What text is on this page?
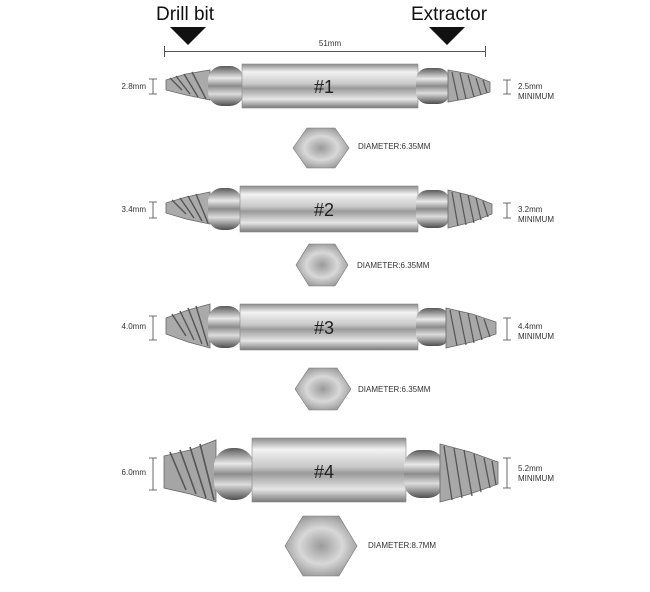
Drill bit	Extractor
51mm
#1
#2
#3
#4
2.8mm
3.4mm
4.0mm
6.0mm
2.5mm
MINIMUM
3.2mm
MINIMUM
4.4mm
MINIMUM
5.2mm
MINIMUM
DIAMETER:6.35MM
DIAMETER:6.35MM
DIAMETER:6.35MM
DIAMETER:8.7MM
